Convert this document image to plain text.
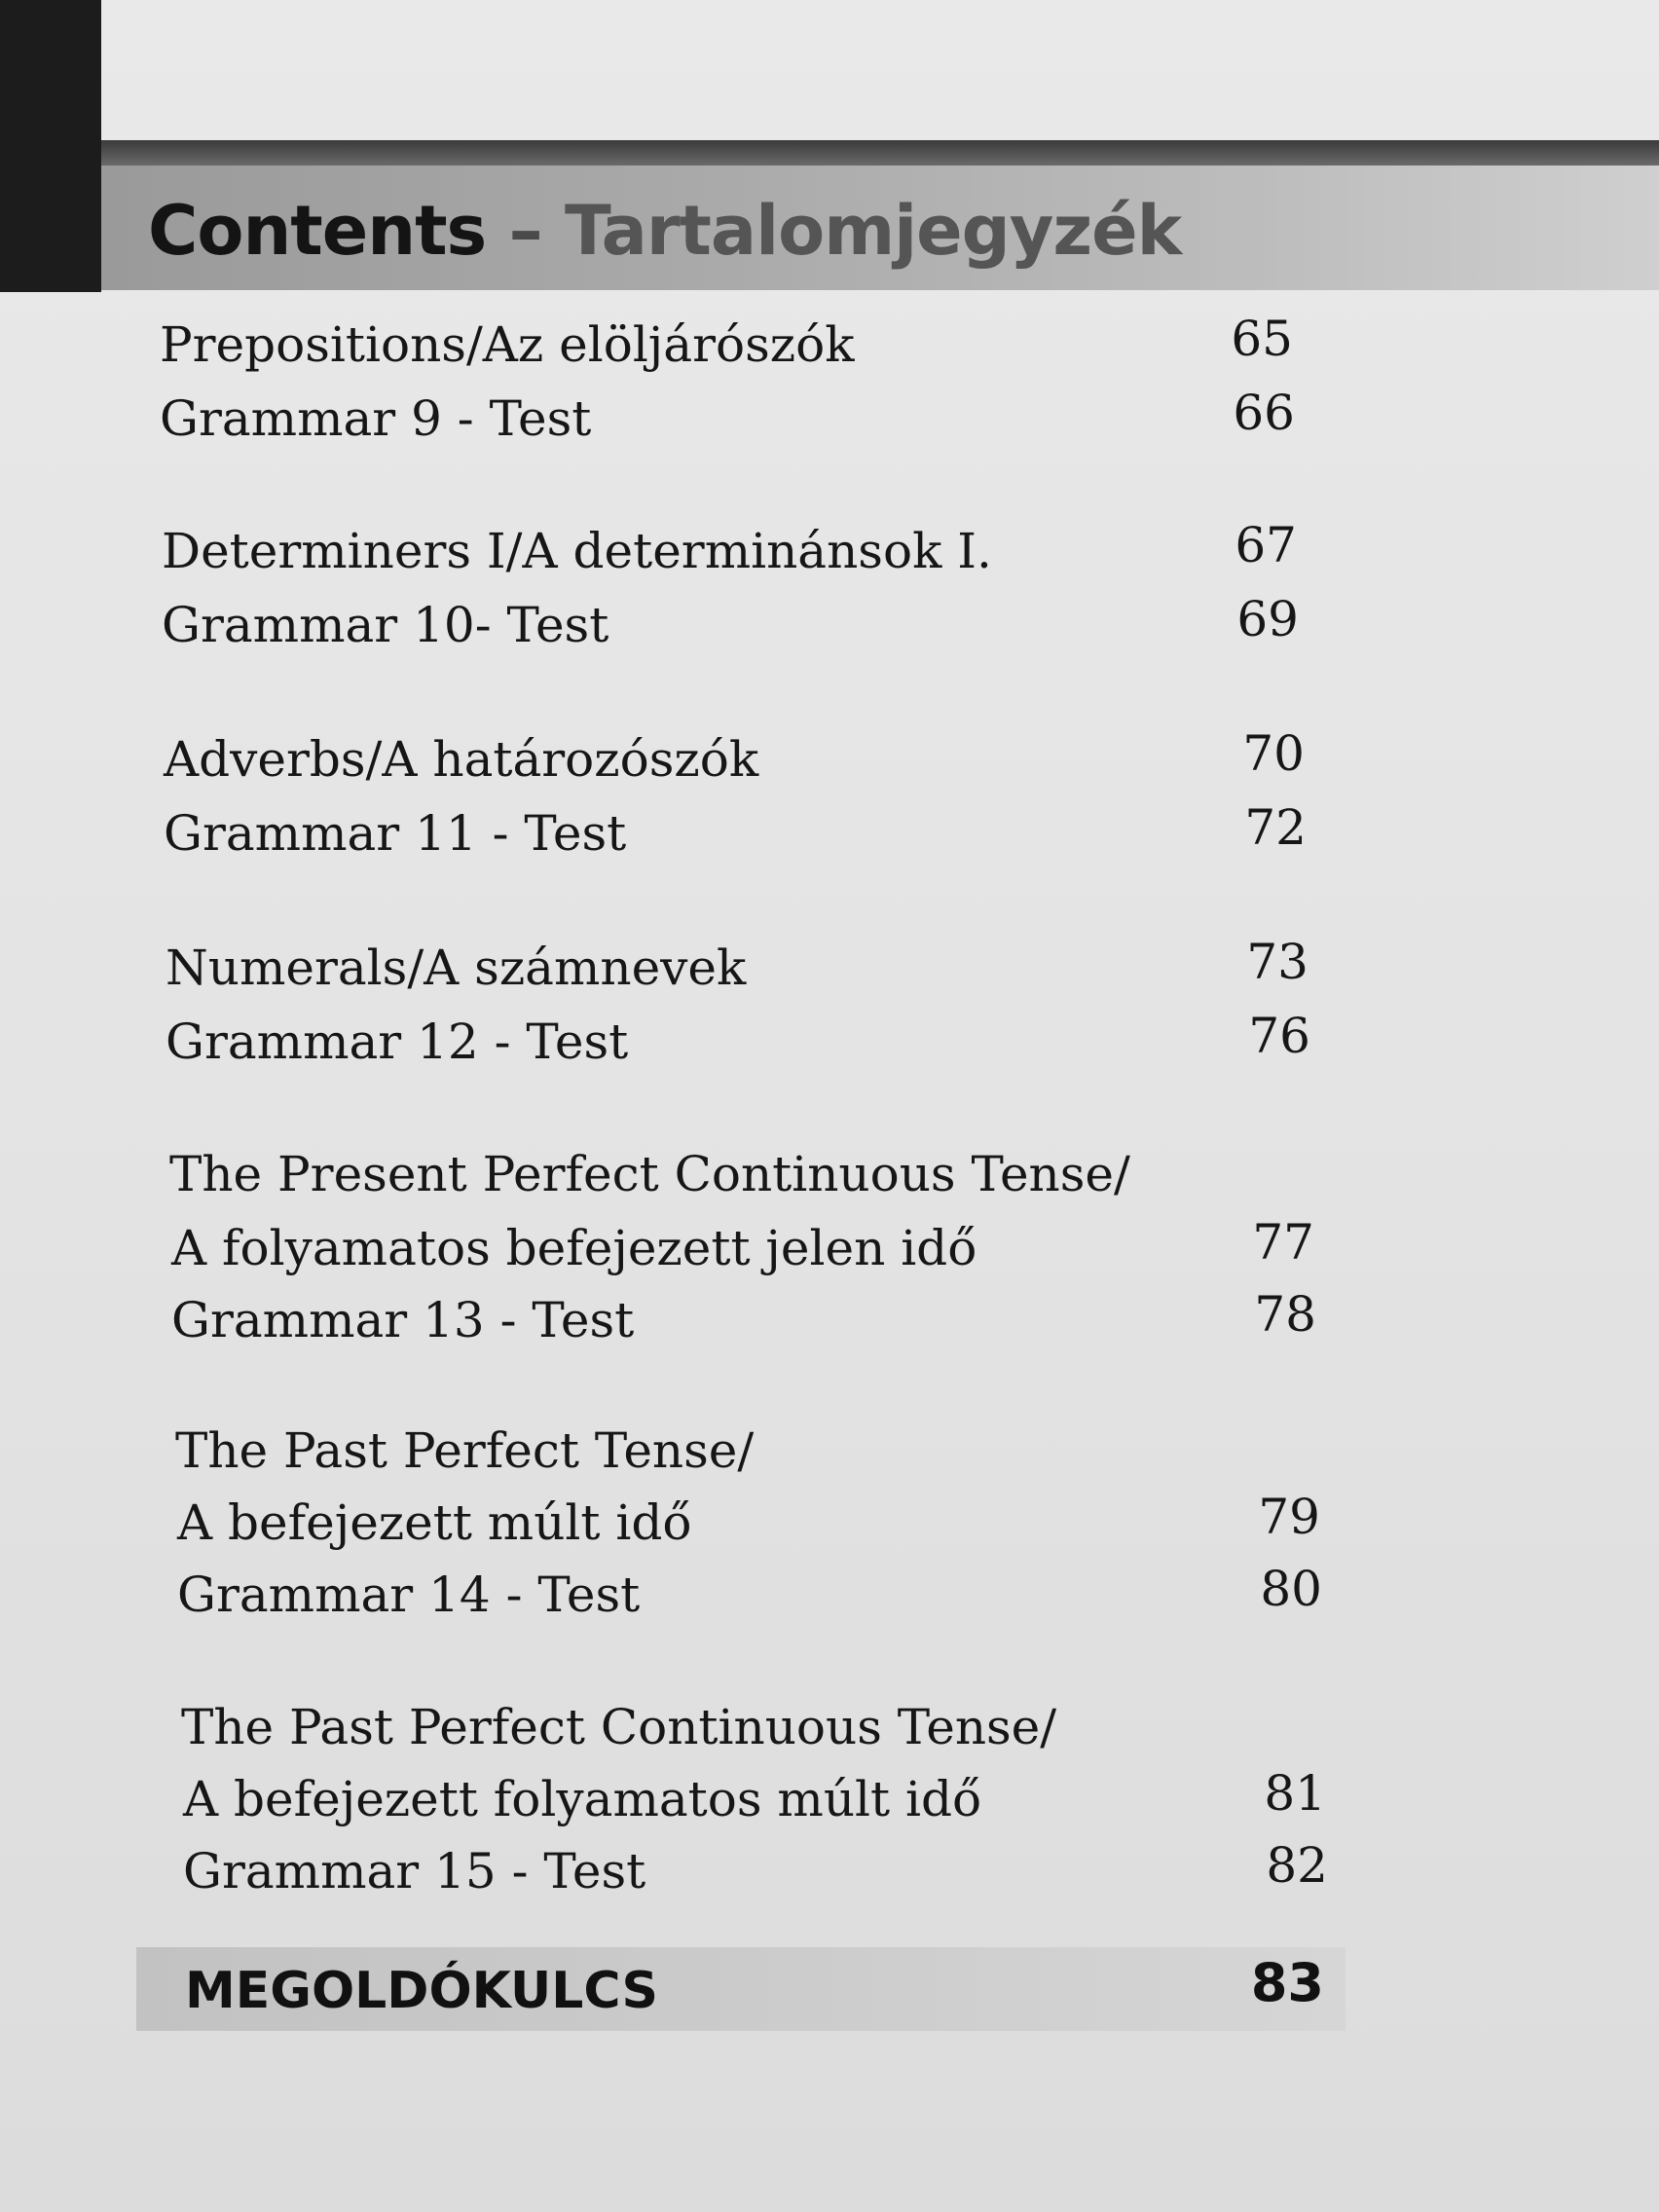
Contents – Tartalomjegyzék
Prepositions/Az elöljárószók	65
Grammar 9 - Test	66
Determiners I/A determinánsok I.	67
Grammar 10- Test	69
Adverbs/A határozószók	70
Grammar 11 - Test	72
Numerals/A számnevek	73
Grammar 12 - Test	76
The Present Perfect Continuous Tense/
A folyamatos befejezett jelen idő	77
Grammar 13 - Test	78
The Past Perfect Tense/
A befejezett múlt idő	79
Grammar 14 - Test	80
The Past Perfect Continuous Tense/
A befejezett folyamatos múlt idő	81
Grammar 15 - Test	82
MEGOLDÓKULCS	83
